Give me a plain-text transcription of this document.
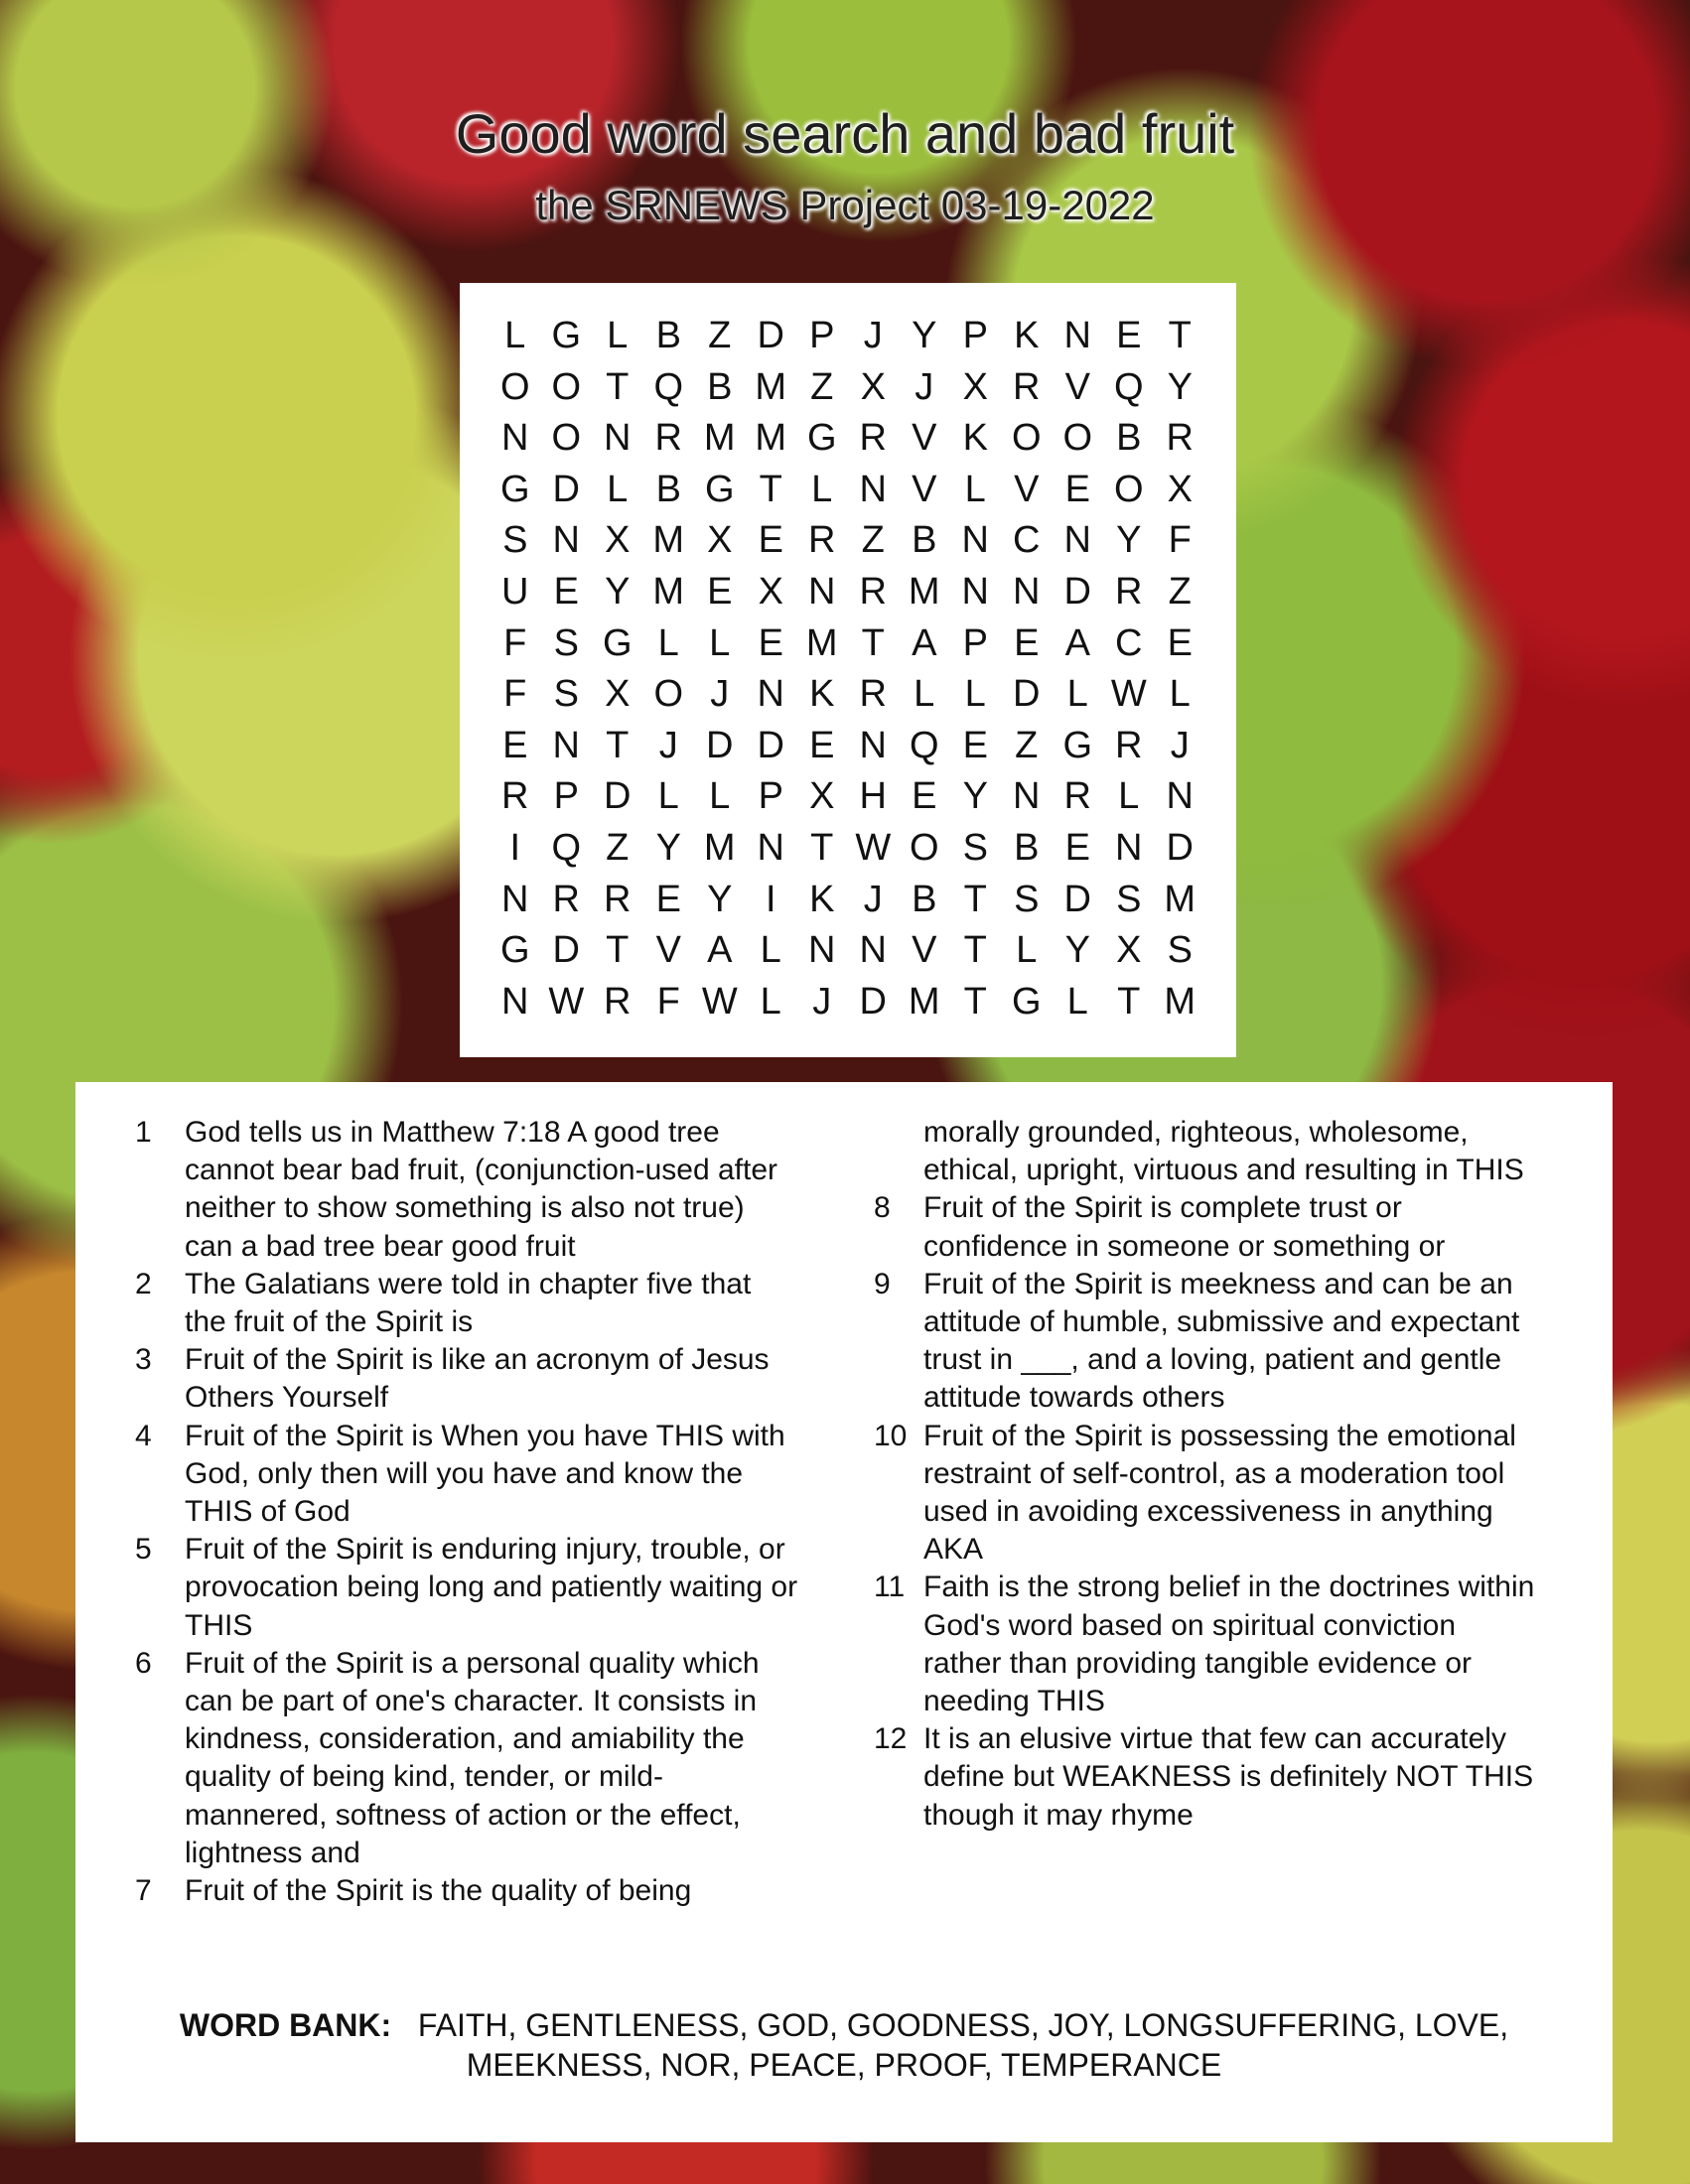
Good word search and bad fruit
the SRNEWS Project 03-19-2022
L G L B Z D P J Y P K N E T
O O T Q B M Z X J X R V Q Y
N O N R M M G R V K O O B R
G D L B G T L N V L V E O X
S N X M X E R Z B N C N Y F
U E Y M E X N R M N N D R Z
F S G L L E M T A P E A C E
F S X O J N K R L L D L W L
E N T J D D E N Q E Z G R J
R P D L L P X H E Y N R L N
I Q Z Y M N T W O S B E N D
N R R E Y I K J B T S D S M
G D T V A L N N V T L Y X S
N W R F W L J D M T G L T M
1	God tells us in Matthew 7:18 A good tree cannot bear bad fruit, (conjunction-used after neither to show something is also not true) can a bad tree bear good fruit
2	The Galatians were told in chapter five that the fruit of the Spirit is
3	Fruit of the Spirit is like an acronym of Jesus Others Yourself
4	Fruit of the Spirit is When you have THIS with God, only then will you have and know the THIS of God
5	Fruit of the Spirit is enduring injury, trouble, or provocation being long and patiently waiting or THIS
6	Fruit of the Spirit is a personal quality which can be part of one's character. It consists in kindness, consideration, and amiability the quality of being kind, tender, or mild-mannered, softness of action or the effect, lightness and
7	Fruit of the Spirit is the quality of being
morally grounded, righteous, wholesome, ethical, upright, virtuous and resulting in THIS
8	Fruit of the Spirit is complete trust or confidence in someone or something or
9	Fruit of the Spirit is meekness and can be an attitude of humble, submissive and expectant trust in ___, and a loving, patient and gentle attitude towards others
10 Fruit of the Spirit is possessing the emotional restraint of self-control, as a moderation tool used in avoiding excessiveness in anything AKA
11 Faith is the strong belief in the doctrines within God's word based on spiritual conviction rather than providing tangible evidence or needing THIS
12 It is an elusive virtue that few can accurately define but WEAKNESS is definitely NOT THIS though it may rhyme
WORD BANK: FAITH, GENTLENESS, GOD, GOODNESS, JOY, LONGSUFFERING, LOVE,
MEEKNESS, NOR, PEACE, PROOF, TEMPERANCE
